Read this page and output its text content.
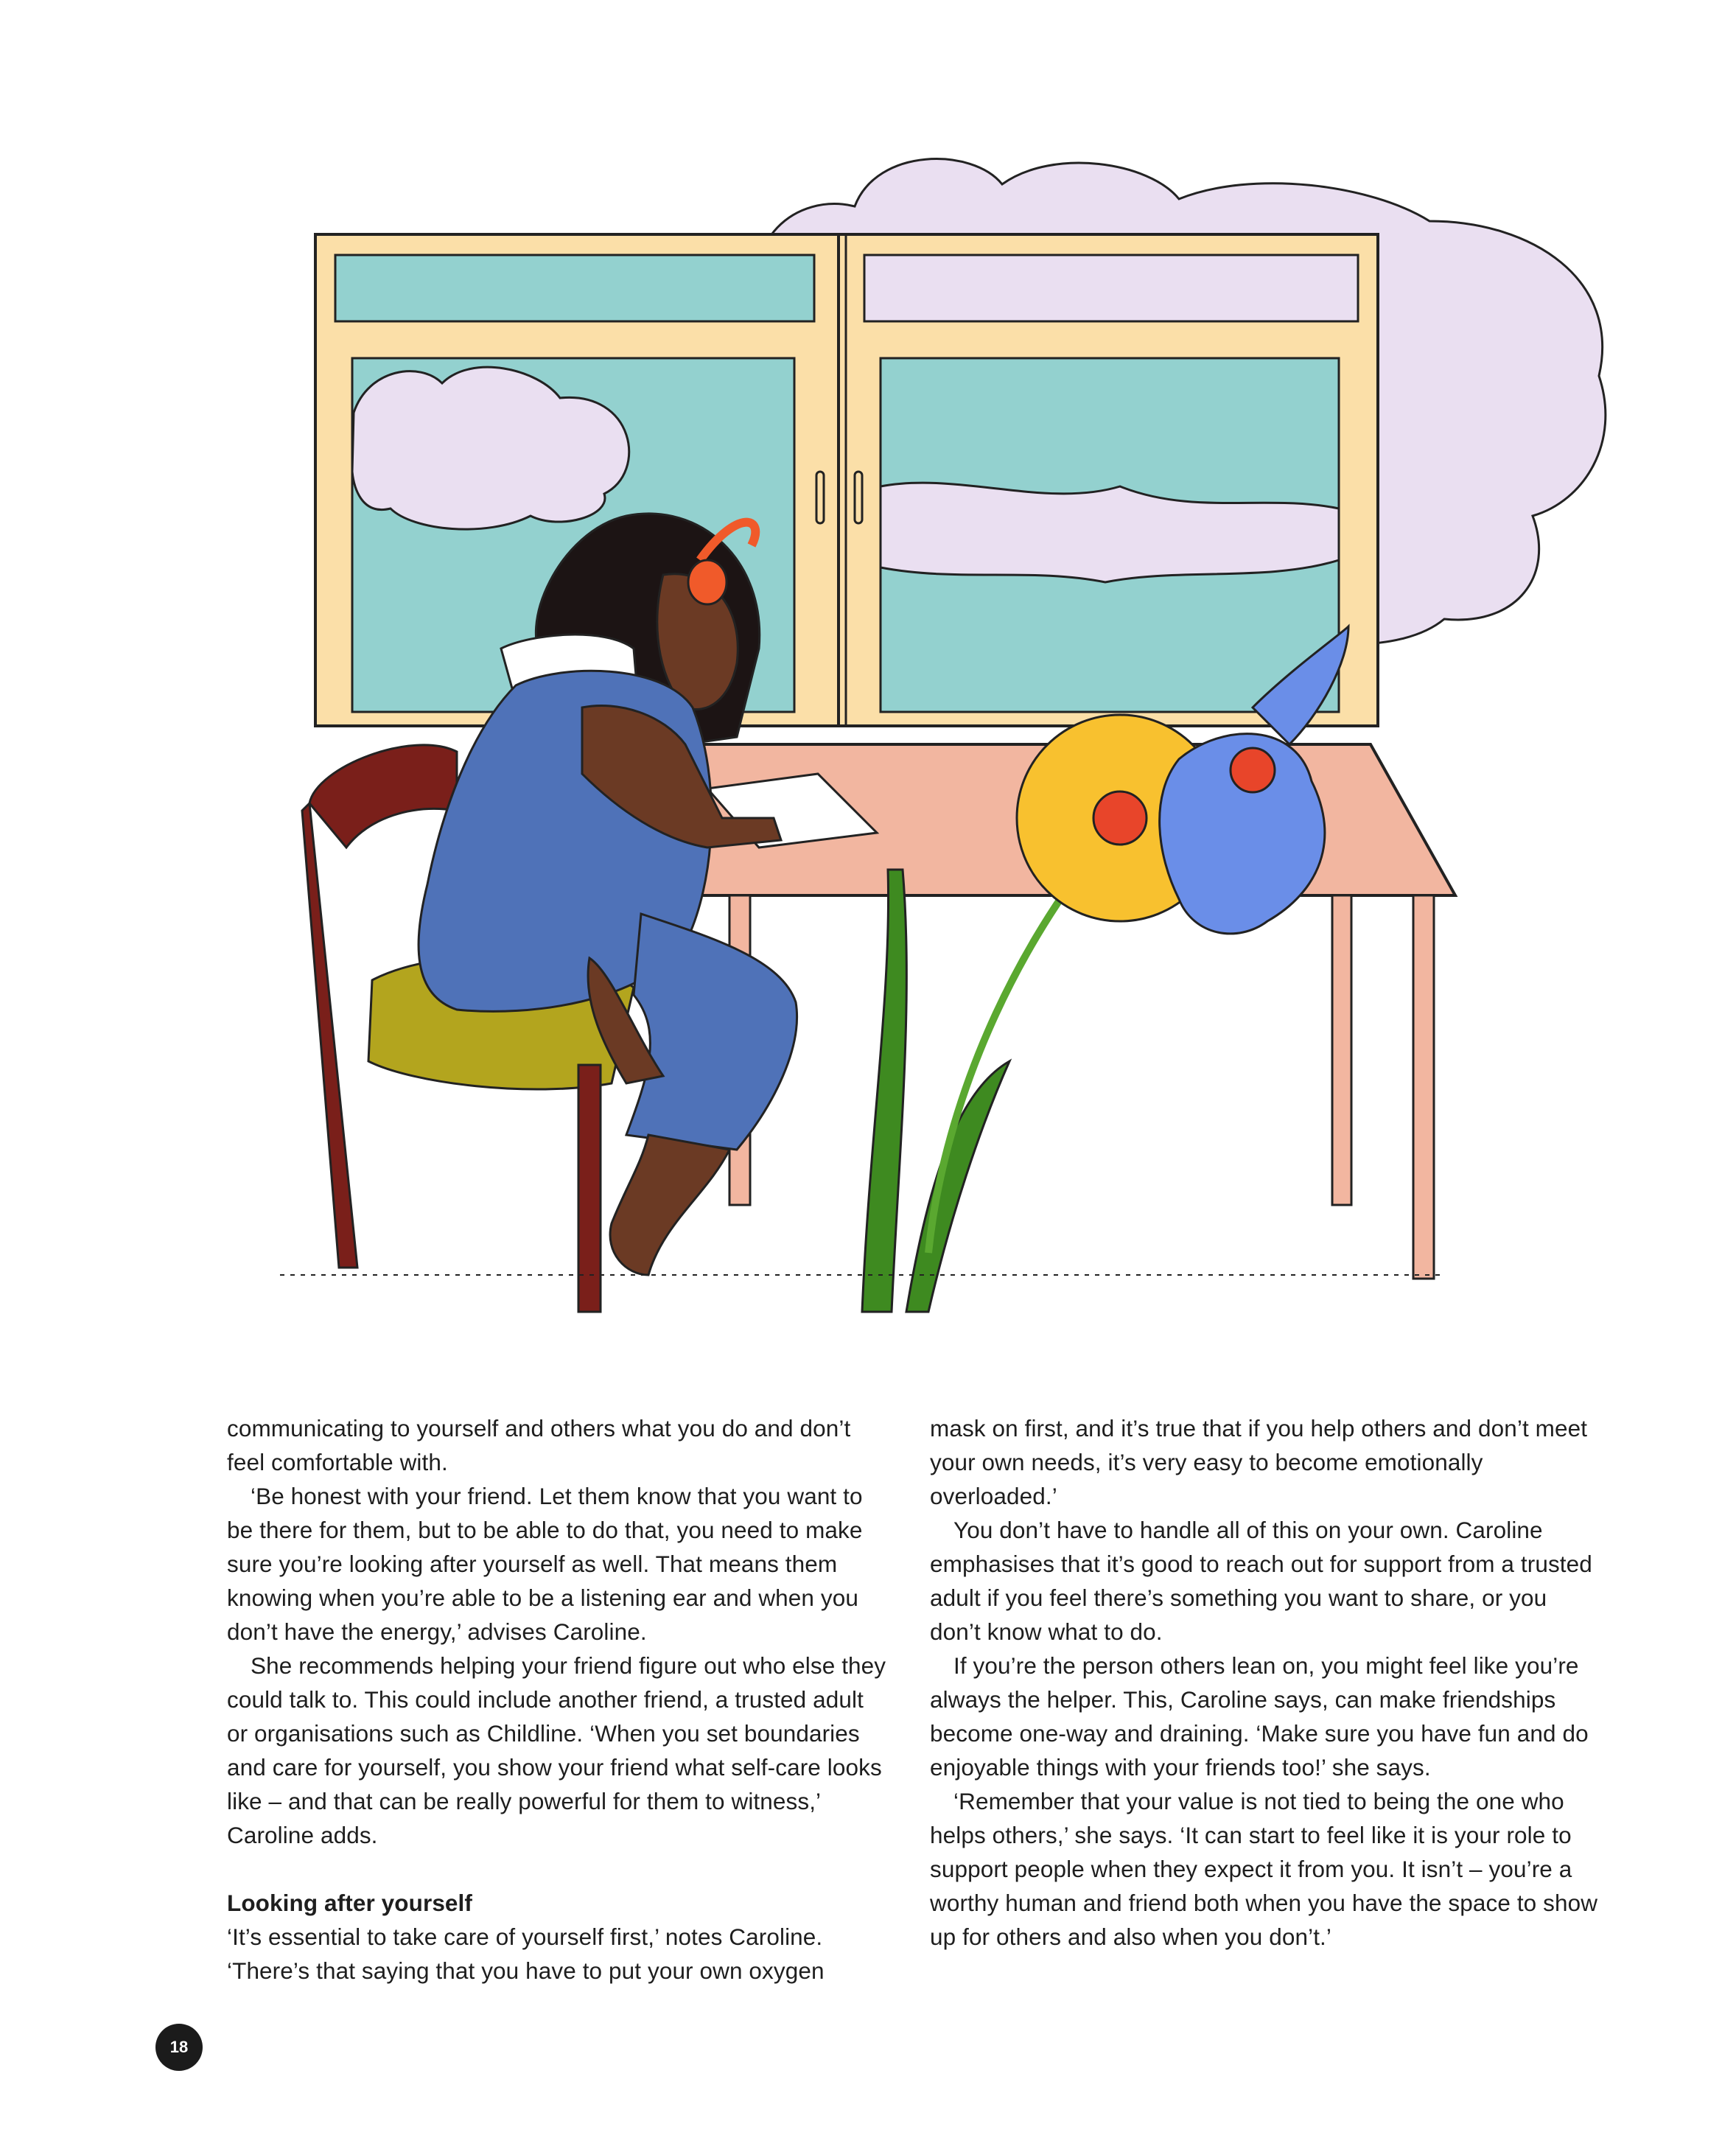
communicating to yourself and others what you do and don’t feel comfortable with.

‘Be honest with your friend. Let them know that you want to be there for them, but to be able to do that, you need to make sure you’re looking after yourself as well. That means them knowing when you’re able to be a listening ear and when you don’t have the energy,’ advises Caroline.

She recommends helping your friend figure out who else they could talk to. This could include another friend, a trusted adult or organisations such as Childline. ‘When you set boundaries and care for yourself, you show your friend what self-care looks like – and that can be really powerful for them to witness,’ Caroline adds.

Looking after yourself

‘It’s essential to take care of yourself first,’ notes Caroline. ‘There’s that saying that you have to put your own oxygen

mask on first, and it’s true that if you help others and don’t meet your own needs, it’s very easy to become emotionally overloaded.’

You don’t have to handle all of this on your own. Caroline emphasises that it’s good to reach out for support from a trusted adult if you feel there’s something you want to share, or you don’t know what to do.

If you’re the person others lean on, you might feel like you’re always the helper. This, Caroline says, can make friendships become one-way and draining. ‘Make sure you have fun and do enjoyable things with your friends too!’ she says.

‘Remember that your value is not tied to being the one who helps others,’ she says. ‘It can start to feel like it is your role to support people when they expect it from you. It isn’t – you’re a worthy human and friend both when you have the space to show up for others and also when you don’t.’

18
